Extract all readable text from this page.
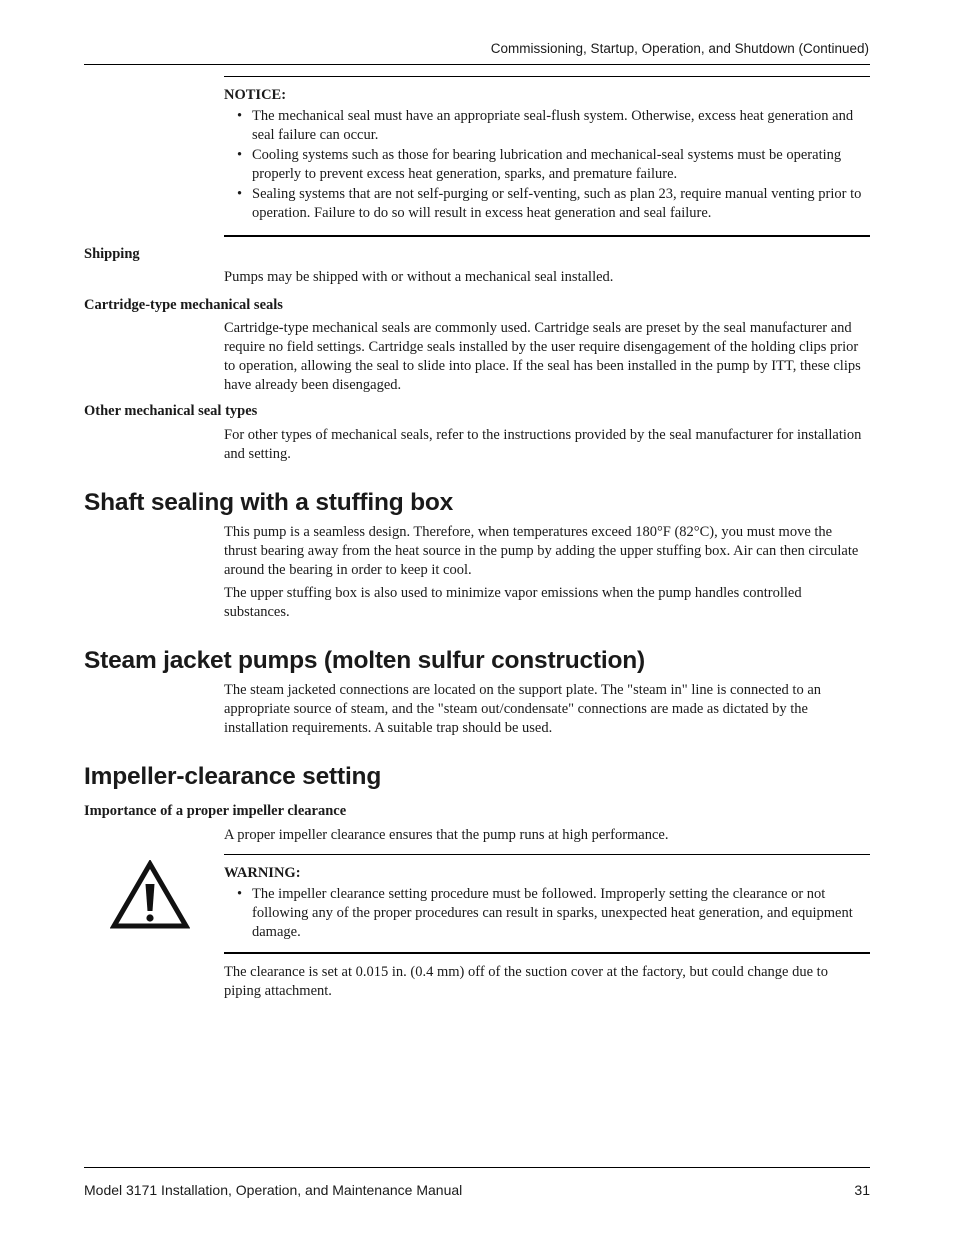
Commissioning, Startup, Operation, and Shutdown (Continued)

NOTICE:

• The mechanical seal must have an appropriate seal-flush system. Otherwise, excess heat generation and seal failure can occur.
• Cooling systems such as those for bearing lubrication and mechanical-seal systems must be operating properly to prevent excess heat generation, sparks, and premature failure.
• Sealing systems that are not self-purging or self-venting, such as plan 23, require manual venting prior to operation. Failure to do so will result in excess heat generation and seal failure.

Shipping

Pumps may be shipped with or without a mechanical seal installed.

Cartridge-type mechanical seals

Cartridge-type mechanical seals are commonly used. Cartridge seals are preset by the seal manufacturer and require no field settings. Cartridge seals installed by the user require disengagement of the holding clips prior to operation, allowing the seal to slide into place. If the seal has been installed in the pump by ITT, these clips have already been disengaged.

Other mechanical seal types

For other types of mechanical seals, refer to the instructions provided by the seal manufacturer for installation and setting.

Shaft sealing with a stuffing box

This pump is a seamless design. Therefore, when temperatures exceed 180°F (82°C), you must move the thrust bearing away from the heat source in the pump by adding the upper stuffing box. Air can then circulate around the bearing in order to keep it cool.

The upper stuffing box is also used to minimize vapor emissions when the pump handles controlled substances.

Steam jacket pumps (molten sulfur construction)

The steam jacketed connections are located on the support plate. The "steam in" line is connected to an appropriate source of steam, and the "steam out/condensate" connections are made as dictated by the installation requirements. A suitable trap should be used.

Impeller-clearance setting

Importance of a proper impeller clearance

A proper impeller clearance ensures that the pump runs at high performance.

WARNING:

• The impeller clearance setting procedure must be followed. Improperly setting the clearance or not following any of the proper procedures can result in sparks, unexpected heat generation, and equipment damage.

The clearance is set at 0.015 in. (0.4 mm) off of the suction cover at the factory, but could change due to piping attachment.

Model 3171 Installation, Operation, and Maintenance Manual	31
